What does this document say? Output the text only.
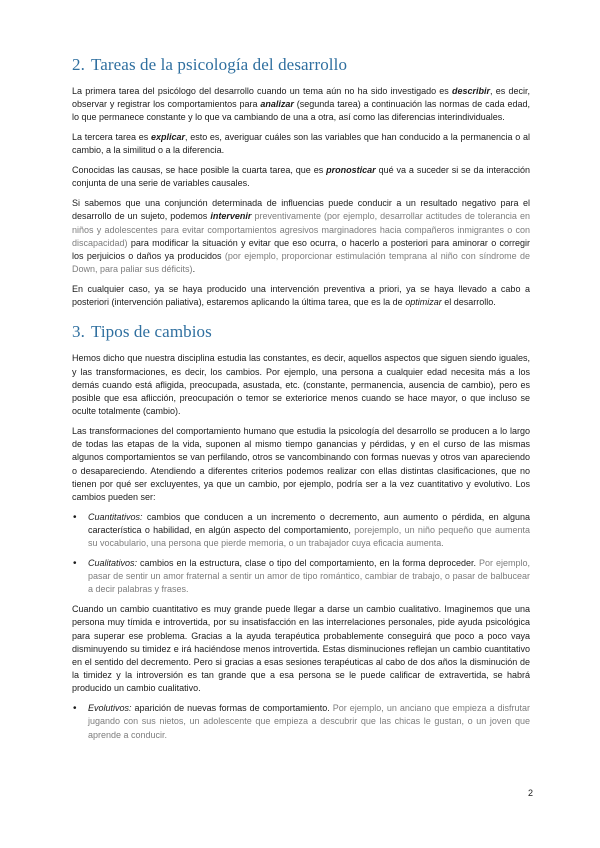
2. Tareas de la psicología del desarrollo

La primera tarea del psicólogo del desarrollo cuando un tema aún no ha sido investigado es describir, es decir, observar y registrar los comportamientos para analizar (segunda tarea) a continuación las normas de cada edad, lo que permanece constante y lo que va cambiando de una a otra, así como las diferencias interindividuales.

La tercera tarea es explicar, esto es, averiguar cuáles son las variables que han conducido a la permanencia o al cambio, a la similitud o a la diferencia.

Conocidas las causas, se hace posible la cuarta tarea, que es pronosticar qué va a suceder si se da interacción conjunta de una serie de variables causales.

Si sabemos que una conjunción determinada de influencias puede conducir a un resultado negativo para el desarrollo de un sujeto, podemos intervenir preventivamente (por ejemplo, desarrollar actitudes de tolerancia en niños y adolescentes para evitar comportamientos agresivos marginadores hacia compañeros inmigrantes o con discapacidad) para modificar la situación y evitar que eso ocurra, o hacerlo a posteriori para aminorar o corregir los perjuicios o daños ya producidos (por ejemplo, proporcionar estimulación temprana al niño con síndrome de Down, para paliar sus déficits).

En cualquier caso, ya se haya producido una intervención preventiva a priori, ya se haya llevado a cabo a posteriori (intervención paliativa), estaremos aplicando la última tarea, que es la de optimizar el desarrollo.

3. Tipos de cambios

Hemos dicho que nuestra disciplina estudia las constantes, es decir, aquellos aspectos que siguen siendo iguales, y las transformaciones, es decir, los cambios. Por ejemplo, una persona a cualquier edad necesita más a los demás cuando está afligida, preocupada, asustada, etc. (constante, permanencia, ausencia de cambio), pero es posible que esa aflicción, preocupación o temor se exteriorice menos cuando se hace mayor, o que incluso se oculte totalmente (cambio).

Las transformaciones del comportamiento humano que estudia la psicología del desarrollo se producen a lo largo de todas las etapas de la vida, suponen al mismo tiempo ganancias y pérdidas, y en el curso de las mismas algunos comportamientos se van perfilando, otros se vancombinando con formas nuevas y otros van apareciendo o desapareciendo. Atendiendo a diferentes criterios podemos realizar con ellas distintas clasificaciones, que no tienen por qué ser excluyentes, ya que un cambio, por ejemplo, podría ser a la vez cuantitativo y evolutivo. Los cambios pueden ser:

• Cuantitativos: cambios que conducen a un incremento o decremento, aun aumento o pérdida, en alguna característica o habilidad, en algún aspecto del comportamiento, porejemplo, un niño pequeño que aumenta su vocabulario, una persona que pierde memoria, o un trabajador cuya eficacia aumenta.
• Cualitativos: cambios en la estructura, clase o tipo del comportamiento, en la forma deproceder. Por ejemplo, pasar de sentir un amor fraternal a sentir un amor de tipo romántico, cambiar de trabajo, o pasar de balbucear a decir palabras y frases.

Cuando un cambio cuantitativo es muy grande puede llegar a darse un cambio cualitativo. Imaginemos que una persona muy tímida e introvertida, por su insatisfacción en las interrelaciones personales, pide ayuda psicológica para superar ese problema. Gracias a la ayuda terapéutica probablemente conseguirá que poco a poco vaya disminuyendo su timidez e irá haciéndose menos introvertida. Estas disminuciones reflejan un cambio cuantitativo en el sentido del decremento. Pero si gracias a esas sesiones terapéuticas al cabo de dos años la disminución de la timidez y la introversión es tan grande que a esa persona se le puede calificar de extravertida, se habrá producido un cambio cualitativo.

• Evolutivos: aparición de nuevas formas de comportamiento. Por ejemplo, un anciano que empieza a disfrutar jugando con sus nietos, un adolescente que empieza a descubrir que las chicas le gustan, o un joven que aprende a conducir.
2
